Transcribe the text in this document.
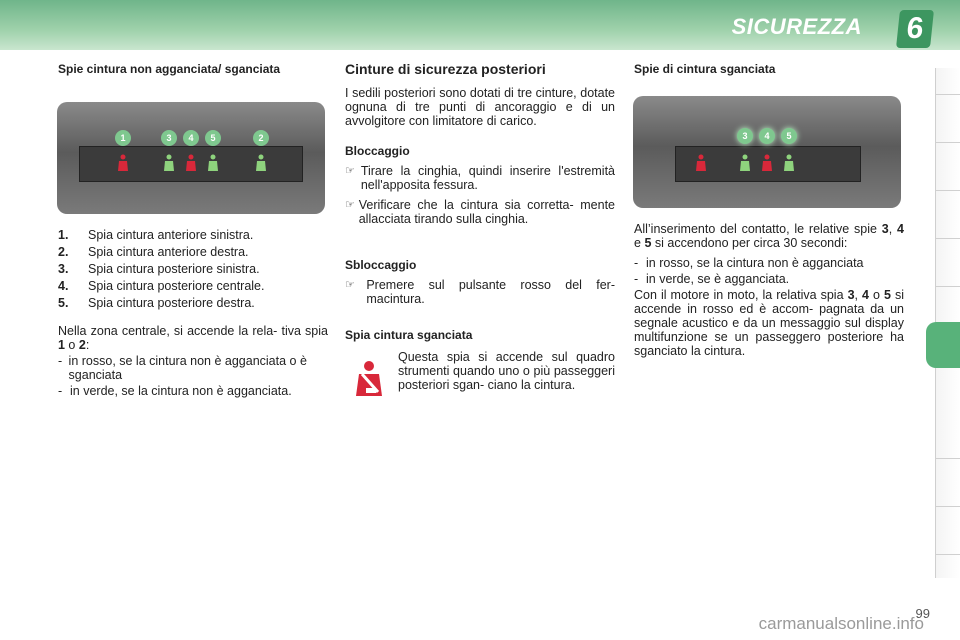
SICUREZZA 6
Spie cintura non agganciata/ sganciata
1	3	4	5	2
1.	Spia cintura anteriore sinistra.
2.	Spia cintura anteriore destra.
3.	Spia cintura posteriore sinistra.
4.	Spia cintura posteriore centrale.
5.	Spia cintura posteriore destra.

Nella zona centrale, si accende la rela- tiva spia 1 o 2:

- in rosso, se la cintura non è agganciata o è sganciata
- in verde, se la cintura non è agganciata.
Cinture di sicurezza posteriori

I sedili posteriori sono dotati di tre cinture, dotate ognuna di tre punti di ancoraggio e di un avvolgitore con limitatore di carico.

Bloccaggio
☞ Tirare la cinghia, quindi inserire l'estremità nell'apposita fessura.
☞ Verificare che la cintura sia corretta- mente allacciata tirando sulla cinghia.
Sbloccaggio
☞ Premere sul pulsante rosso del fer- macintura.
Spia cintura sganciata
Questa spia si accende sul quadro strumenti quando uno o più passeggeri posteriori sgan- ciano la cintura.
Spie di cintura sganciata
3	4	5

All’inserimento del contatto, le relative spie 3, 4 e 5 si accendono per circa 30 secondi:

- in rosso, se la cintura non è agganciata
- in verde, se è agganciata.

Con il motore in moto, la relativa spia 3, 4 o 5 si accende in rosso ed è accom- pagnata da un segnale acustico e da un messaggio sul display multifunzione se un passeggero posteriore ha sganciato la cintura.

99
carmanualsonline.info
